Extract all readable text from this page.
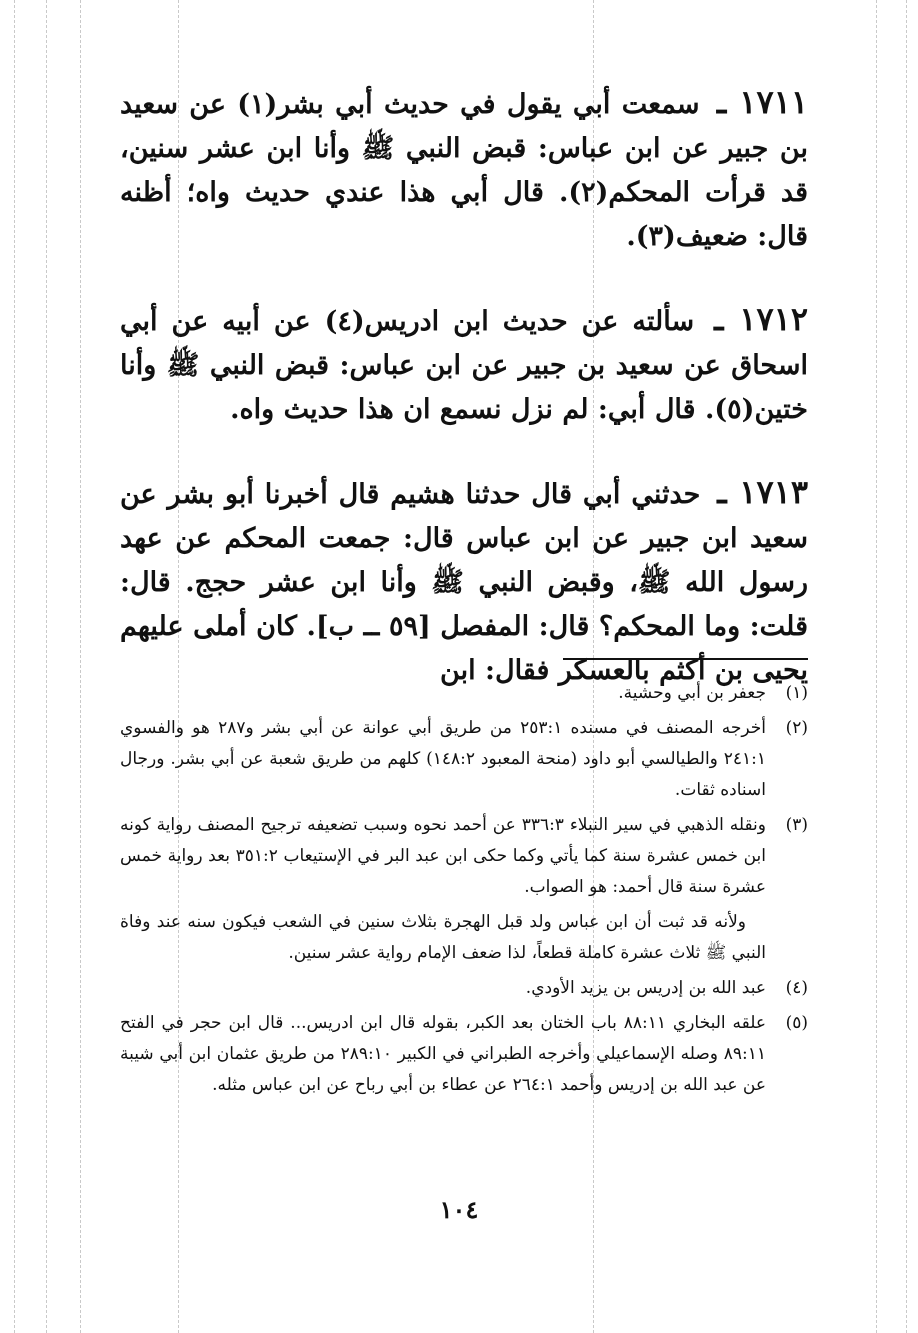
١٧١١ ـ سمعت أبي يقول في حديث أبي بشر(١) عن سعيد بن جبير عن ابن عباس: قبض النبي ﷺ وأنا ابن عشر سنين، قد قرأت المحكم(٢). قال أبي هذا عندي حديث واه؛ أظنه قال: ضعيف(٣).

١٧١٢ ـ سألته عن حديث ابن ادريس(٤) عن أبيه عن أبي اسحاق عن سعيد بن جبير عن ابن عباس: قبض النبي ﷺ وأنا ختين(٥). قال أبي: لم نزل نسمع ان هذا حديث واه.

١٧١٣ ـ حدثني أبي قال حدثنا هشيم قال أخبرنا أبو بشر عن سعيد ابن جبير عن ابن عباس قال: جمعت المحكم عن عهد رسول الله ﷺ، وقبض النبي ﷺ وأنا ابن عشر حجج. قال: قلت: وما المحكم؟ قال: المفصل [٥٩ ــ ب]. كان أملى عليهم يحيى بن أكثم بالعسكر فقال: ابن

(١)
جعفر بن أبي وحشية.
(٢)
أخرجه المصنف في مسنده ٢٥٣:١ من طريق أبي عوانة عن أبي بشر و٢٨٧ هو والفسوي ٢٤١:١ والطيالسي أبو داود (منحة المعبود ١٤٨:٢) كلهم من طريق شعبة عن أبي بشر. ورجال اسناده ثقات.
(٣)
ونقله الذهبي في سير النبلاء ٣٣٦:٣ عن أحمد نحوه وسبب تضعيفه ترجيح المصنف رواية كونه ابن خمس عشرة سنة كما يأتي وكما حكى ابن عبد البر في الإستيعاب ٣٥١:٢ بعد رواية خمس عشرة سنة قال أحمد: هو الصواب.

ولأنه قد ثبت أن ابن عباس ولد قبل الهجرة بثلاث سنين في الشعب فيكون سنه عند وفاة النبي ﷺ ثلاث عشرة كاملة قطعاً، لذا ضعف الإمام رواية عشر سنين.

(٤)
عبد الله بن إدريس بن يزيد الأودي.
(٥)
علقه البخاري ٨٨:١١ باب الختان بعد الكبر، بقوله قال ابن ادريس... قال ابن حجر في الفتح ٨٩:١١ وصله الإسماعيلي وأخرجه الطبراني في الكبير ٢٨٩:١٠ من طريق عثمان ابن أبي شيبة عن عبد الله بن إدريس وأحمد ٢٦٤:١ عن عطاء بن أبي رباح عن ابن عباس مثله.
١٠٤
